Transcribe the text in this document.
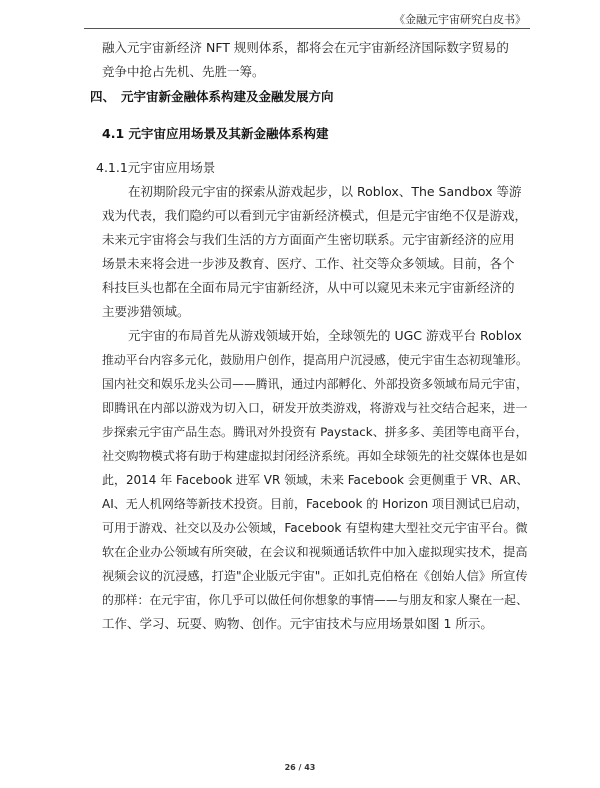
《金融元宇宙研究白皮书》
融入元宇宙新经济 NFT 规则体系，都将会在元宇宙新经济国际数字贸易的
竞争中抢占先机、先胜一筹。
四、 元宇宙新金融体系构建及金融发展方向
4.1 元宇宙应用场景及其新金融体系构建
4.1.1元宇宙应用场景
在初期阶段元宇宙的探索从游戏起步，以 Roblox、The Sandbox 等游
戏为代表，我们隐约可以看到元宇宙新经济模式，但是元宇宙绝不仅是游戏，
未来元宇宙将会与我们生活的方方面面产生密切联系。元宇宙新经济的应用
场景未来将会进一步涉及教育、医疗、工作、社交等众多领域。目前，各个
科技巨头也都在全面布局元宇宙新经济，从中可以窥见未来元宇宙新经济的
主要涉猎领域。
元宇宙的布局首先从游戏领域开始，全球领先的 UGC 游戏平台 Roblox
推动平台内容多元化，鼓励用户创作，提高用户沉浸感，使元宇宙生态初现雏形。
国内社交和娱乐龙头公司——腾讯，通过内部孵化、外部投资多领域布局元宇宙，
即腾讯在内部以游戏为切入口，研发开放类游戏，将游戏与社交结合起来，进一
步探索元宇宙产品生态。腾讯对外投资有 Paystack、拼多多、美团等电商平台，
社交购物模式将有助于构建虚拟封闭经济系统。再如全球领先的社交媒体也是如
此，2014 年 Facebook 进军 VR 领域，未来 Facebook 会更侧重于 VR、AR、
AI、无人机网络等新技术投资。目前，Facebook 的 Horizon 项目测试已启动，
可用于游戏、社交以及办公领域，Facebook 有望构建大型社交元宇宙平台。微
软在企业办公领域有所突破，在会议和视频通话软件中加入虚拟现实技术，提高
视频会议的沉浸感，打造"企业版元宇宙"。正如扎克伯格在《创始人信》所宣传
的那样：在元宇宙，你几乎可以做任何你想象的事情——与朋友和家人聚在一起、
工作、学习、玩耍、购物、创作。元宇宙技术与应用场景如图 1 所示。
26 / 43
